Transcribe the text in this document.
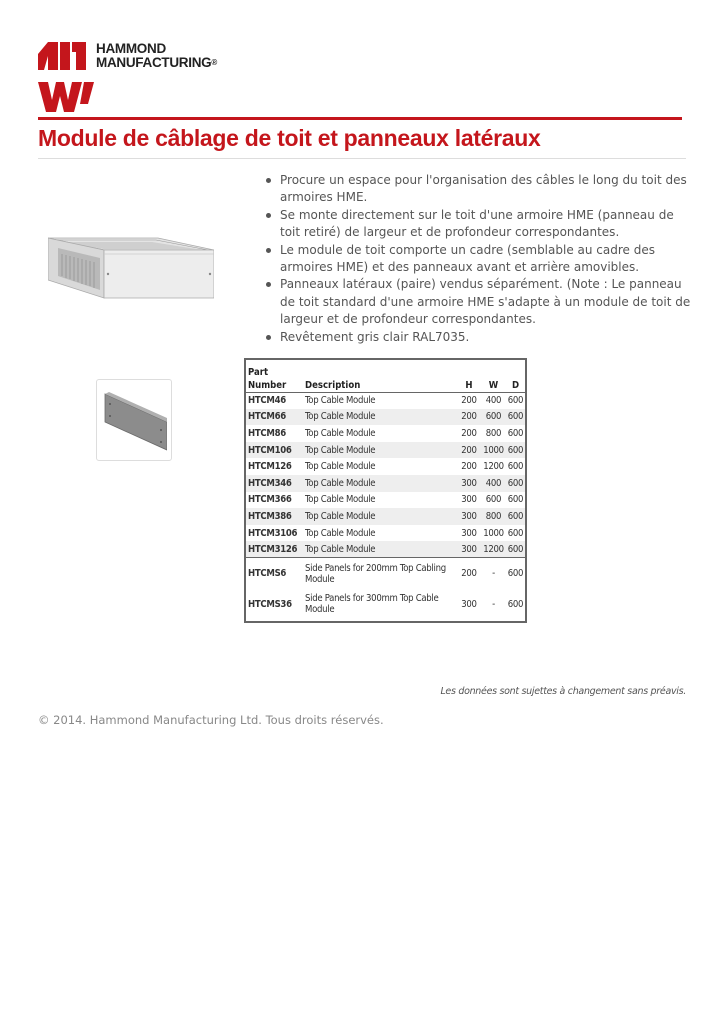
HAMMOND
MANUFACTURING®
Module de câblage de toit et panneaux latéraux
Procure un espace pour l'organisation des câbles le long du toit des armoires HME.
Se monte directement sur le toit d'une armoire HME (panneau de toit retiré) de largeur et de profondeur correspondantes.
Le module de toit comporte un cadre (semblable au cadre des armoires HME) et des panneaux avant et arrière amovibles.
Panneaux latéraux (paire) vendus séparément. (Note : Le panneau de toit standard d'une armoire HME s'adapte à un module de toit de largeur et de profondeur correspondantes.
Revêtement gris clair RAL7035.
Part
Number	Description	H	W	D
HTCM46	Top Cable Module	200	400	600
HTCM66	Top Cable Module	200	600	600
HTCM86	Top Cable Module	200	800	600
HTCM106	Top Cable Module	200	1000	600
HTCM126	Top Cable Module	200	1200	600
HTCM346	Top Cable Module	300	400	600
HTCM366	Top Cable Module	300	600	600
HTCM386	Top Cable Module	300	800	600
HTCM3106	Top Cable Module	300	1000	600
HTCM3126	Top Cable Module	300	1200	600
HTCMS6	Side Panels for 200mm Top Cabling Module	200	-	600
HTCMS36	Side Panels for 300mm Top Cable Module	300	-	600
Les données sont sujettes à changement sans préavis.
© 2014. Hammond Manufacturing Ltd. Tous droits réservés.
